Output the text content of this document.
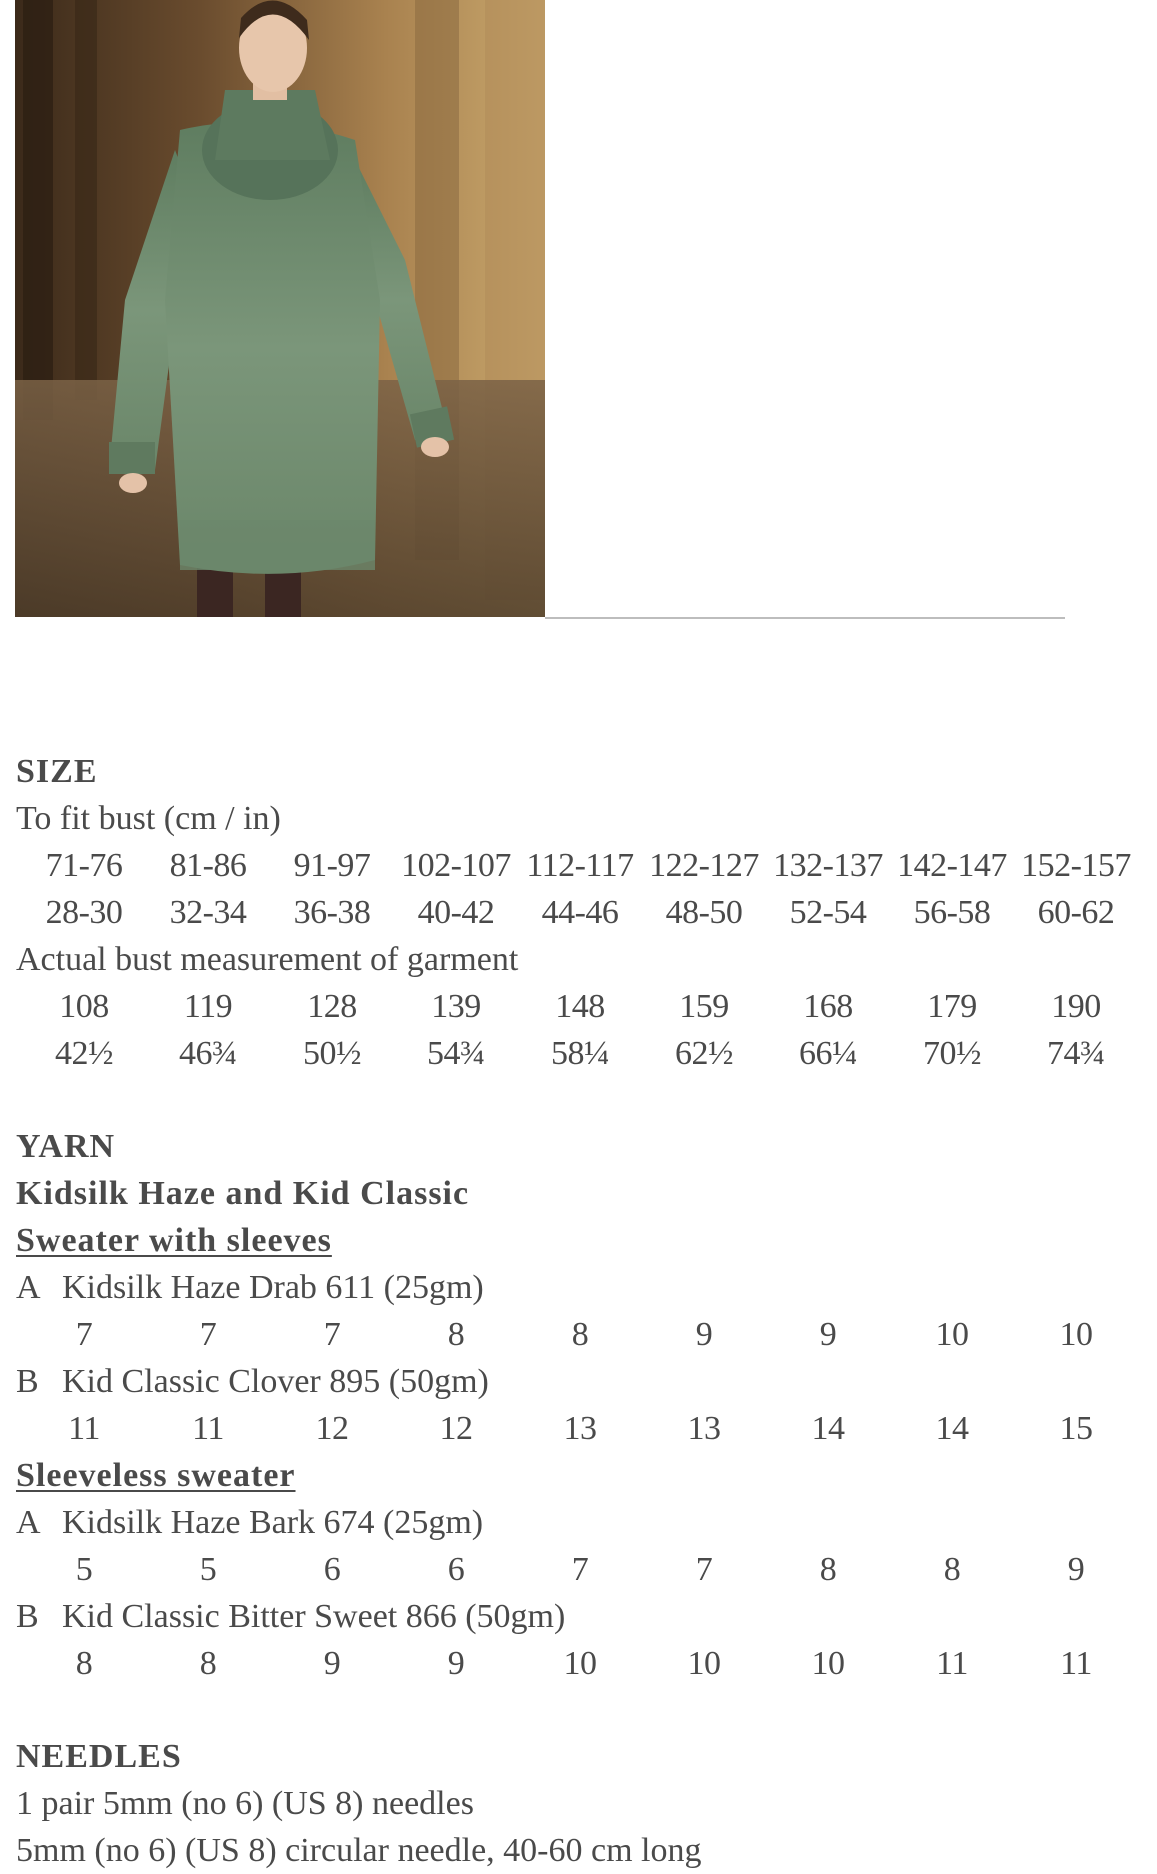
SIZE
To fit bust (cm / in)
71-76	81-86	91-97 102-107 112-117 122-127 132-137 142-147 152-157
28-30	32-34	36-38	40-42	44-46	48-50	52-54	56-58	60-62
Actual bust measurement of garment
108	119	128	139	148	159	168	179	190
42½	46¾	50½	54¾	58¼	62½	66¼	70½	74¾
YARN
Kidsilk Haze and Kid Classic
Sweater with sleeves
A Kidsilk Haze Drab 611 (25gm)
7	7	7	8	8	9	9	10	10
B Kid Classic Clover 895 (50gm)
11	11	12	12	13	13	14	14	15
Sleeveless sweater
A Kidsilk Haze Bark 674 (25gm)
5	5	6	6	7	7	8	8	9
B Kid Classic Bitter Sweet 866 (50gm)
8	8	9	9	10	10	10	11	11
NEEDLES
1 pair 5mm (no 6) (US 8) needles
5mm (no 6) (US 8) circular needle, 40-60 cm long
